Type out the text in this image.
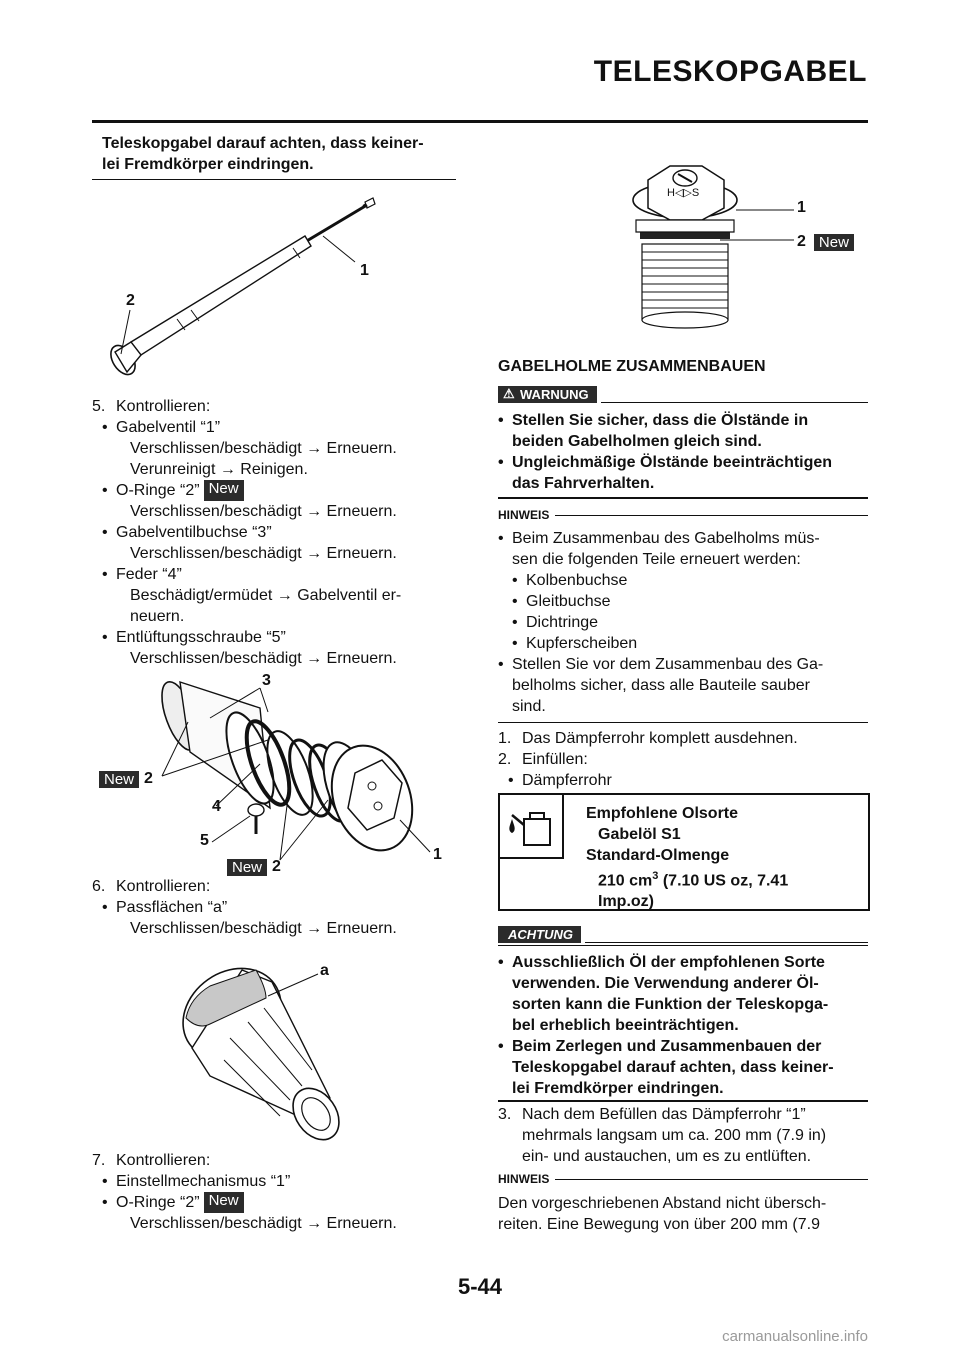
TELESKOPGABEL
Teleskopgabel darauf achten, dass keiner-
lei Fremdkörper eindringen.
1
2
5. Kontrollieren:
• Gabelventil “1”
Verschlissen/beschädigt → Erneuern.
Verunreinigt → Reinigen.
• O-Ringe “2” New
Verschlissen/beschädigt → Erneuern.
• Gabelventilbuchse “3”
Verschlissen/beschädigt → Erneuern.
• Feder “4”
Beschädigt/ermüdet → Gabelventil er-
neuern.
• Entlüftungsschraube “5”
Verschlissen/beschädigt → Erneuern.
3
New 2
4
5
New 2
1
6. Kontrollieren:
• Passflächen “a”
Verschlissen/beschädigt → Erneuern.
a
7. Kontrollieren:
• Einstellmechanismus “1”
• O-Ringe “2” New
Verschlissen/beschädigt → Erneuern.
H◁▷S
1
2 New
GABELHOLME ZUSAMMENBAUEN
⚠ WARNUNG
• Stellen Sie sicher, dass die Ölstände in
beiden Gabelholmen gleich sind.
• Ungleichmäßige Ölstände beeinträchtigen
das Fahrverhalten.
HINWEIS
• Beim Zusammenbau des Gabelholms müs-
sen die folgenden Teile erneuert werden:
• Kolbenbuchse
• Gleitbuchse
• Dichtringe
• Kupferscheiben
• Stellen Sie vor dem Zusammenbau des Ga-
belholms sicher, dass alle Bauteile sauber
sind.
1. Das Dämpferrohr komplett ausdehnen.
2. Einfüllen:
• Dämpferrohr
Empfohlene Olsorte
Gabelöl S1
Standard-Olmenge
210 $cm^3$ (7.10 US oz, 7.41
Imp.oz)
ACHTUNG
• Ausschließlich Öl der empfohlenen Sorte
verwenden. Die Verwendung anderer Öl-
sorten kann die Funktion der Teleskopga-
bel erheblich beeinträchtigen.
• Beim Zerlegen und Zusammenbauen der
Teleskopgabel darauf achten, dass keiner-
lei Fremdkörper eindringen.
3. Nach dem Befüllen das Dämpferrohr “1”
mehrmals langsam um ca. 200 mm (7.9 in)
ein- und austauchen, um es zu entlüften.
HINWEIS
Den vorgeschriebenen Abstand nicht übersch-
reiten. Eine Bewegung von über 200 mm (7.9
5-44
carmanualsonline.info
